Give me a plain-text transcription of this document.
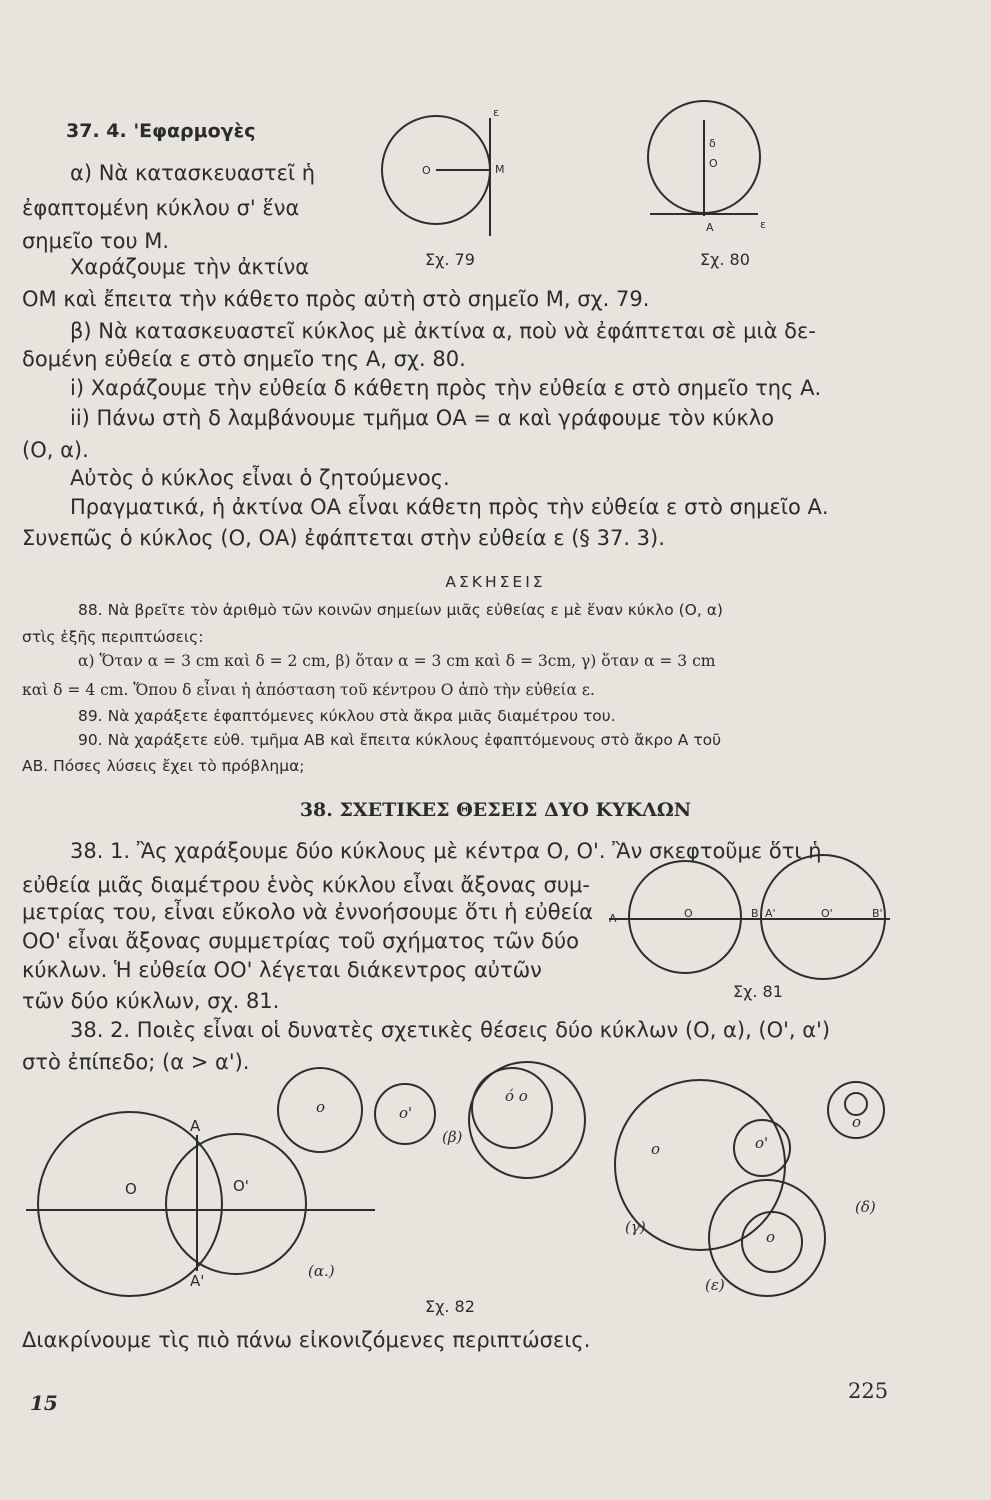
37. 4. 'Εφαρμογὲς
α) Νὰ κατασκευαστεῖ ἡ
ἐφαπτομένη κύκλου σ' ἕνα
σημεῖο του Μ.
Χαράζουμε τὴν ἀκτίνα
ΟΜ καὶ ἔπειτα τὴν κάθετο πρὸς αὐτὴ στὸ σημεῖο Μ, σχ. 79.
β) Νὰ κατασκευαστεῖ κύκλος μὲ ἀκτίνα α, ποὺ νὰ ἐφάπτεται σὲ μιὰ δε-
δομένη εὐθεία ε στὸ σημεῖο της Α, σχ. 80.
i) Χαράζουμε τὴν εὐθεία δ κάθετη πρὸς τὴν εὐθεία ε στὸ σημεῖο της Α.
ii) Πάνω στὴ δ λαμβάνουμε τμῆμα ΟΑ = α καὶ γράφουμε τὸν κύκλο
(Ο, α).
Αὐτὸς ὁ κύκλος εἶναι ὁ ζητούμενος.
Πραγματικά, ἡ ἀκτίνα ΟΑ εἶναι κάθετη πρὸς τὴν εὐθεία ε στὸ σημεῖο Α.
Συνεπῶς ὁ κύκλος (Ο, ΟΑ) ἐφάπτεται στὴν εὐθεία ε (§ 37. 3).
Ο	Μ
ε
Σχ. 79
Ο
δ
Α	ε
Σχ. 80
ΑΣΚΗΣΕΙΣ
88. Νὰ βρεῖτε τὸν ἀριθμὸ τῶν κοινῶν σημείων μιᾶς εὐθείας ε μὲ ἕναν κύκλο (Ο, α)
στὶς ἑξῆς περιπτώσεις:
α) Ὅταν α = 3 cm καὶ δ = 2 cm, β) ὅταν α = 3 cm καὶ δ = 3cm, γ) ὅταν α = 3 cm
καὶ δ = 4 cm. Ὅπου δ εἶναι ἡ ἀπόσταση τοῦ κέντρου Ο ἀπὸ τὴν εὐθεία ε.
89. Νὰ χαράξετε ἐφαπτόμενες κύκλου στὰ ἄκρα μιᾶς διαμέτρου του.
90. Νὰ χαράξετε εὐθ. τμῆμα ΑΒ καὶ ἔπειτα κύκλους ἐφαπτόμενους στὸ ἄκρο Α τοῦ
ΑΒ. Πόσες λύσεις ἔχει τὸ πρόβλημα;
38. ΣΧΕΤΙΚΕΣ ΘΕΣΕΙΣ ΔΥΟ ΚΥΚΛΩΝ
38. 1. Ἂς χαράξουμε δύο κύκλους μὲ κέντρα Ο, Ο'. Ἂν σκεφτοῦμε ὅτι ἡ
εὐθεία μιᾶς διαμέτρου ἑνὸς κύκλου εἶναι ἄξονας συμ-
μετρίας του, εἶναι εὔκολο νὰ ἐννοήσουμε ὅτι ἡ εὐθεία
ΟΟ' εἶναι ἄξονας συμμετρίας τοῦ σχήματος τῶν δύο
κύκλων. Ἡ εὐθεία ΟΟ' λέγεται διάκεντρος αὐτῶν
τῶν δύο κύκλων, σχ. 81.
38. 2. Ποιὲς εἶναι οἱ δυνατὲς σχετικὲς θέσεις δύο κύκλων (Ο, α), (Ο', α')
στὸ ἐπίπεδο; (α > α').
Α	Ο	Β Α'	Ο'	Β'
Σχ. 81
Α
Α'
Ο	Ο'
(α.)
(β)
(γ)
(δ)
(ε)
ο	ο'
ό ο
ο	ο'
ο
ο
Σχ. 82
Διακρίνουμε τὶς πιὸ πάνω εἰκονιζόμενες περιπτώσεις.
15	225
